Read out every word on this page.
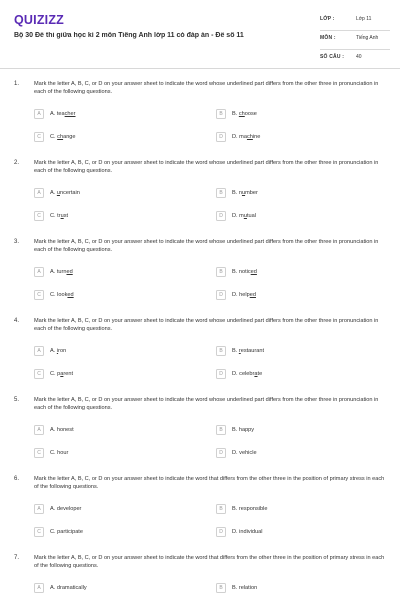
QUIZIZZ
Bộ 30 Đề thi giữa học kì 2 môn Tiếng Anh lớp 11 có đáp án - Đề số 11
LỚP :	Lớp 11
MÔN :	Tiếng Anh
SỐ CÂU : 40
1.	Mark the letter A, B, C, or D on your answer sheet to indicate the word whose underlined part differs from the other three in pronunciation in each of the following questions.
A	A. teacher	B	B. choose
C	C. change	D	D. machine
2.	Mark the letter A, B, C, or D on your answer sheet to indicate the word whose underlined part differs from the other three in pronunciation in each of the following questions.
A	A. uncertain	B	B. number
C	C. trust	D	D. mutual
3.	Mark the letter A, B, C, or D on your answer sheet to indicate the word whose underlined part differs from the other three in pronunciation in each of the following questions.
A	A. turned	B	B. noticed
C	C. looked	D	D. helped
4.	Mark the letter A, B, C, or D on your answer sheet to indicate the word whose underlined part differs from the other three in pronunciation in each of the following questions.
A	A. iron	B	B. restaurant
C	C. parent	D	D. celebrate
5.	Mark the letter A, B, C, or D on your answer sheet to indicate the word whose underlined part differs from the other three in pronunciation in each of the following questions.
A	A. honest	B	B. happy
C	C. hour	D	D. vehicle
6.	Mark the letter A, B, C, or D on your answer sheet to indicate the word that differs from the other three in the position of primary stress in each of the following questions.
A	A. developer	B	B. responsible
C	C. participate	D	D. individual
7.	Mark the letter A, B, C, or D on your answer sheet to indicate the word that differs from the other three in the position of primary stress in each of the following questions.
A	A. dramatically	B	B. relation
